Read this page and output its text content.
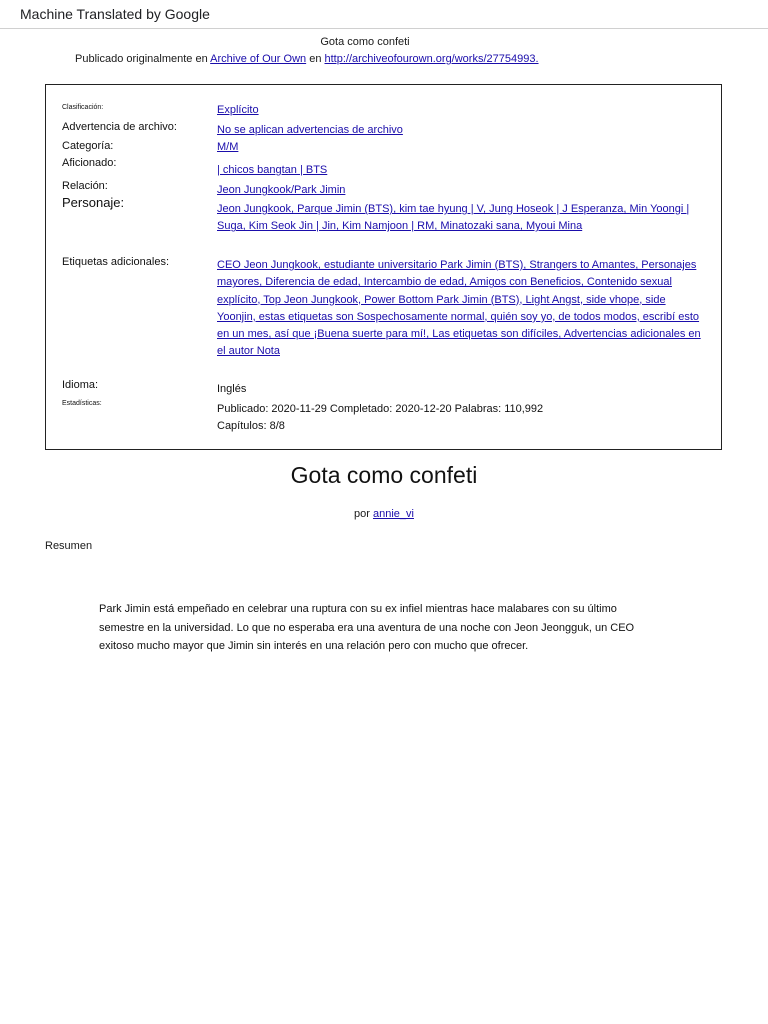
Machine Translated by Google
Gota como confeti
Publicado originalmente en Archive of Our Own en http://archiveofourown.org/works/27754993.
Clasificación:	Explícito
Advertencia de archivo:	No se aplican advertencias de archivo
Categoría:	M/M
Aficionado:
| chicos bangtan | BTS
Relación:	Jeon Jungkook/Park Jimin
Personaje:	Jeon Jungkook, Parque Jimin (BTS), kim tae hyung | V, Jung Hoseok | J Esperanza, Min Yoongi | Suga, Kim Seok Jin | Jin, Kim Namjoon | RM, Minatozaki sana, Myoui Mina
Etiquetas adicionales:	CEO Jeon Jungkook, estudiante universitario Park Jimin (BTS), Strangers to Amantes, Personajes mayores, Diferencia de edad, Intercambio de edad, Amigos con Beneficios, Contenido sexual explícito, Top Jeon Jungkook, Power Bottom Park Jimin (BTS), Light Angst, side vhope, side Yoonjin, estas etiquetas son Sospechosamente normal, quién soy yo, de todos modos, escribí esto en un mes, así que ¡Buena suerte para mí!, Las etiquetas son difíciles, Advertencias adicionales en el autor Nota
Idioma:	Inglés
Estadísticas:	Publicado: 2020-11-29 Completado: 2020-12-20 Palabras: 110,992
Capítulos: 8/8
Gota como confeti
por annie_vi
Resumen
Park Jimin está empeñado en celebrar una ruptura con su ex infiel mientras hace malabares con su último semestre en la universidad. Lo que no esperaba era una aventura de una noche con Jeon Jeongguk, un CEO exitoso mucho mayor que Jimin sin interés en una relación pero con mucho que ofrecer.
